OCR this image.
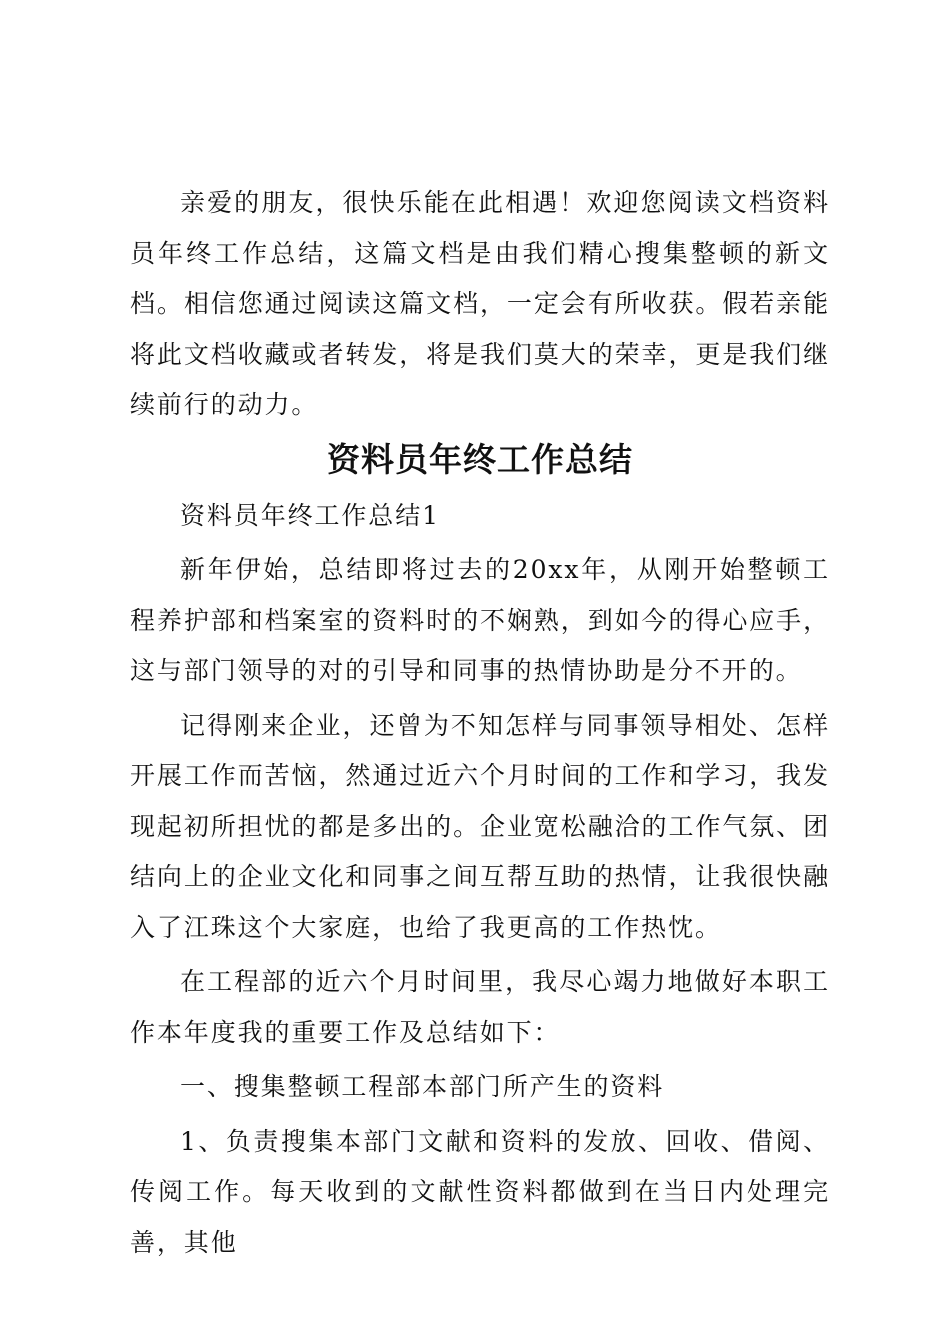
亲爱的朋友，很快乐能在此相遇！欢迎您阅读文档资料员年终工作总结，这篇文档是由我们精心搜集整顿的新文档。相信您通过阅读这篇文档，一定会有所收获。假若亲能将此文档收藏或者转发，将是我们莫大的荣幸，更是我们继续前行的动力。

资料员年终工作总结

资料员年终工作总结1

新年伊始，总结即将过去的20xx年，从刚开始整顿工程养护部和档案室的资料时的不娴熟，到如今的得心应手，这与部门领导的对的引导和同事的热情协助是分不开的。

记得刚来企业，还曾为不知怎样与同事领导相处、怎样开展工作而苦恼，然通过近六个月时间的工作和学习，我发现起初所担忧的都是多出的。企业宽松融洽的工作气氛、团结向上的企业文化和同事之间互帮互助的热情，让我很快融入了江珠这个大家庭，也给了我更高的工作热忱。

在工程部的近六个月时间里，我尽心竭力地做好本职工作本年度我的重要工作及总结如下：

一、搜集整顿工程部本部门所产生的资料

1、负责搜集本部门文献和资料的发放、回收、借阅、传阅工作。每天收到的文献性资料都做到在当日内处理完善，其他
